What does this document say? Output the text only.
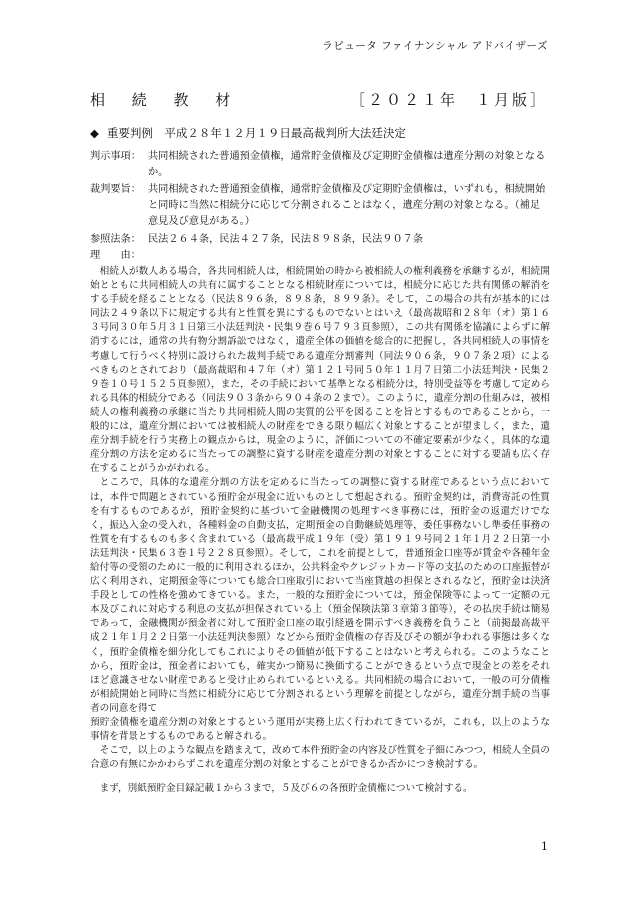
ラピュータ ファイナンシャル アドバイザーズ
相 続 教 材	［２０２１年　１月版］
◆ 重要判例　平成２８年１２月１９日最高裁判所大法廷決定
判示事項： 共同相続された普通預金債権，通常貯金債権及び定期貯金債権は遺産分割の対象となるか。
裁判要旨： 共同相続された普通預金債権，通常貯金債権及び定期貯金債権は，いずれも，相続開始と同時に当然に相続分に応じて分割されることはなく，遺産分割の対象となる。（補足意見及び意見がある。）
参照法条： 民法２６４条，民法４２７条，民法８９８条，民法９０７条
理　　由：

相続人が数人ある場合，各共同相続人は，相続開始の時から被相続人の権利義務を承継するが，相続開始とともに共同相続人の共有に属することとなる相続財産については，相続分に応じた共有関係の解消をする手続を経ることとなる（民法８９６条，８９８条，８９９条）。そして，この場合の共有が基本的には同法２４９条以下に規定する共有と性質を異にするものでないとはいえ（最高裁昭和２８年（オ）第１６３号同３０年５月３１日第三小法廷判決・民集９巻６号７９３頁参照），この共有関係を協議によらずに解消するには，通常の共有物分割訴訟ではなく，遺産全体の価値を総合的に把握し，各共同相続人の事情を考慮して行うべく特別に設けられた裁判手続である遺産分割審判（同法９０６条，９０７条２項）によるべきものとされており（最高裁昭和４７年（オ）第１２１号同５０年１１月７日第二小法廷判決・民集２９巻１０号１５２５頁参照），また，その手続において基準となる相続分は，特別受益等を考慮して定められる具体的相続分である（同法９０３条から９０４条の２まで）。このように，遺産分割の仕組みは，被相続人の権利義務の承継に当たり共同相続人間の実質的公平を図ることを旨とするものであることから，一般的には，遺産分割においては被相続人の財産をできる限り幅広く対象とすることが望ましく，また，遺産分割手続を行う実務上の観点からは，現金のように，評価についての不確定要素が少なく，具体的な遺産分割の方法を定めるに当たっての調整に資する財産を遺産分割の対象とすることに対する要請も広く存在することがうかがわれる。

ところで，具体的な遺産分割の方法を定めるに当たっての調整に資する財産であるという点においては，本件で問題とされている預貯金が現金に近いものとして想起される。預貯金契約は，消費寄託の性質を有するものであるが，預貯金契約に基づいて金融機関の処理すべき事務には，預貯金の返還だけでなく，振込入金の受入れ，各種料金の自動支払，定期預金の自動継続処理等，委任事務ないし準委任事務の性質を有するものも多く含まれている（最高裁平成１９年（受）第１９１９号同２１年１月２２日第一小法廷判決・民集６３巻１号２２８頁参照）。そして，これを前提として，普通預金口座等が賃金や各種年金給付等の受領のために一般的に利用されるほか，公共料金やクレジットカード等の支払のための口座振替が広く利用され，定期預金等についても総合口座取引において当座貸越の担保とされるなど，預貯金は決済手段としての性格を強めてきている。また，一般的な預貯金については，預金保険等によって一定額の元本及びこれに対応する利息の支払が担保されている上（預金保険法第３章第３節等），その払戻手続は簡易であって，金融機関が預金者に対して預貯金口座の取引経過を開示すべき義務を負うこと（前掲最高裁平成２１年１月２２日第一小法廷判決参照）などから預貯金債権の存否及びその額が争われる事態は多くなく，預貯金債権を細分化してもこれによりその価値が低下することはないと考えられる。このようなことから，預貯金は，預金者においても，確実かつ簡易に換価することができるという点で現金との差をそれほど意識させない財産であると受け止められているといえる。共同相続の場合において，一般の可分債権が相続開始と同時に当然に相続分に応じて分割されるという理解を前提としながら，遺産分割手続の当事者の同意を得て

預貯金債権を遺産分割の対象とするという運用が実務上広く行われてきているが，これも，以上のような事情を背景とするものであると解される。

そこで，以上のような観点を踏まえて，改めて本件預貯金の内容及び性質を子細にみつつ，相続人全員の合意の有無にかかわらずこれを遺産分割の対象とすることができるか否かにつき検討する。

まず，別紙預貯金目録記載１から３まで，５及び６の各預貯金債権について検討する。

1
